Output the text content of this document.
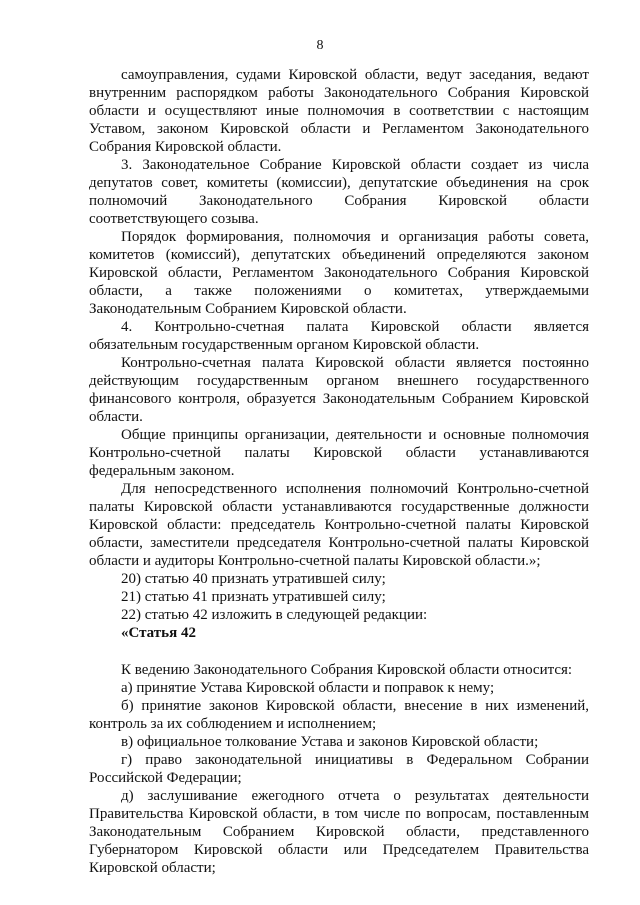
8

самоуправления, судами Кировской области, ведут заседания, ведают внутренним распорядком работы Законодательного Собрания Кировской области и осуществляют иные полномочия в соответствии с настоящим Уставом, законом Кировской области и Регламентом Законодательного Собрания Кировской области.

3. Законодательное Собрание Кировской области создает из числа депутатов совет, комитеты (комиссии), депутатские объединения на срок полномочий Законодательного Собрания Кировской области соответствующего созыва.

Порядок формирования, полномочия и организация работы совета, комитетов (комиссий), депутатских объединений определяются законом Кировской области, Регламентом Законодательного Собрания Кировской области, а также положениями о комитетах, утверждаемыми Законодательным Собранием Кировской области.

4. Контрольно-счетная палата Кировской области является обязательным государственным органом Кировской области.

Контрольно-счетная палата Кировской области является постоянно действующим государственным органом внешнего государственного финансового контроля, образуется Законодательным Собранием Кировской области.

Общие принципы организации, деятельности и основные полномочия Контрольно-счетной палаты Кировской области устанавливаются федеральным законом.

Для непосредственного исполнения полномочий Контрольно-счетной палаты Кировской области устанавливаются государственные должности Кировской области: председатель Контрольно-счетной палаты Кировской области, заместители председателя Контрольно-счетной палаты Кировской области и аудиторы Контрольно-счетной палаты Кировской области.»;

20) статью 40 признать утратившей силу;

21) статью 41 признать утратившей силу;

22) статью 42 изложить в следующей редакции:

«Статья 42

К ведению Законодательного Собрания Кировской области относится:

а) принятие Устава Кировской области и поправок к нему;

б) принятие законов Кировской области, внесение в них изменений, контроль за их соблюдением и исполнением;

в) официальное толкование Устава и законов Кировской области;

г) право законодательной инициативы в Федеральном Собрании Российской Федерации;

д) заслушивание ежегодного отчета о результатах деятельности Правительства Кировской области, в том числе по вопросам, поставленным Законодательным Собранием Кировской области, представленного Губернатором Кировской области или Председателем Правительства Кировской области;
